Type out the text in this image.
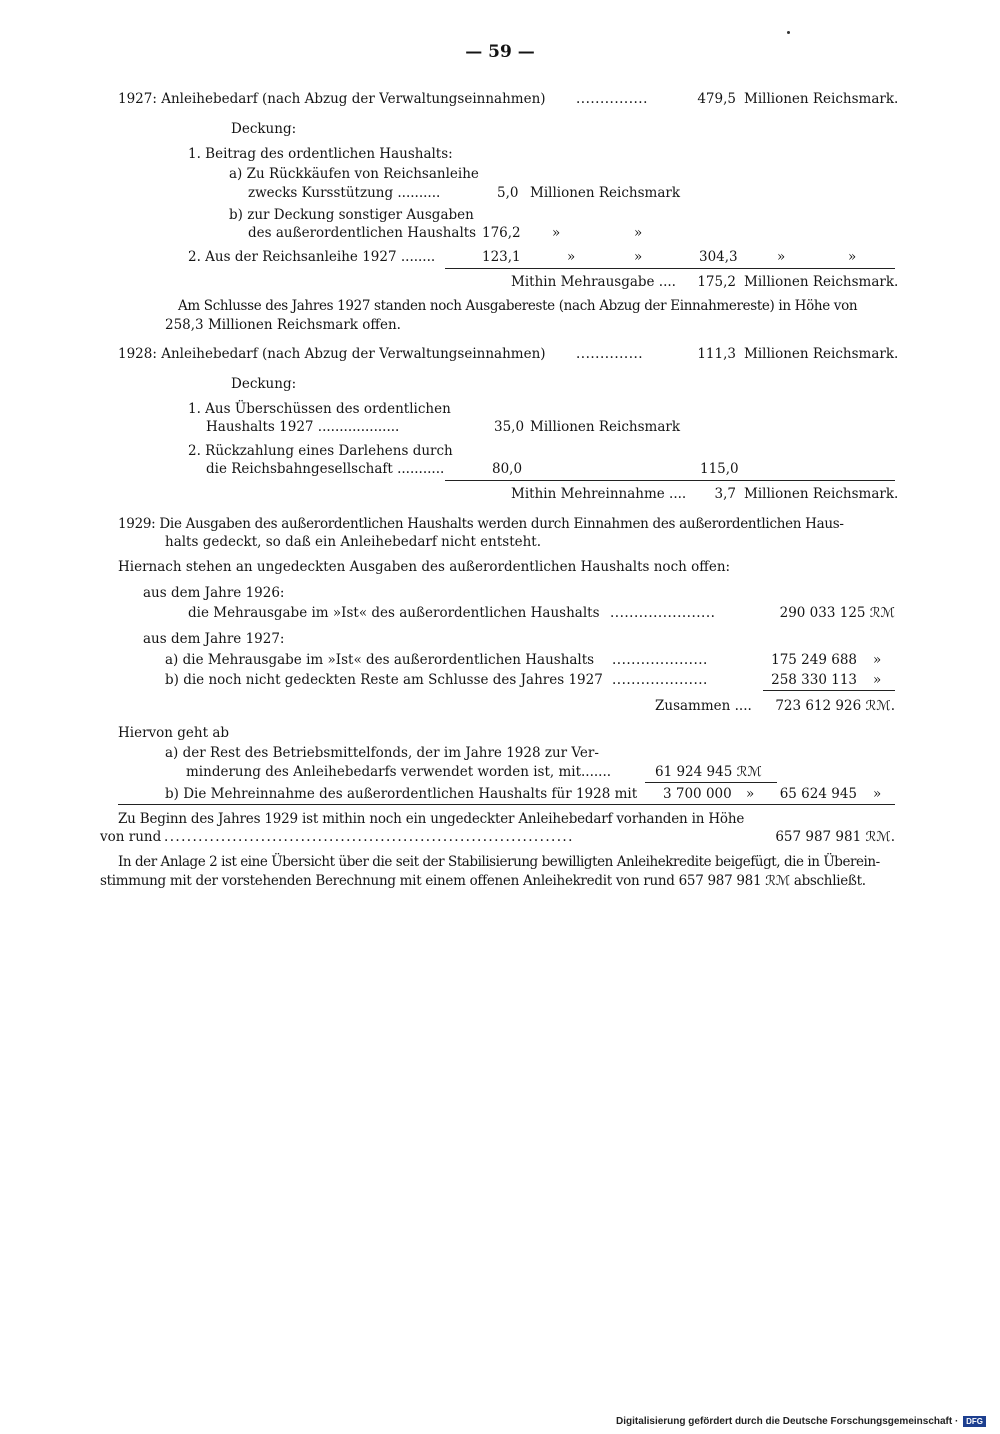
— 59 —
1927: Anleihebedarf (nach Abzug der Verwaltungseinnahmen) ...............	479,5 Millionen Reichsmark.
Deckung:
1. Beitrag des ordentlichen Haushalts:
a) Zu Rückkäufen von Reichsanleihe
zwecks Kursstützung ..........	5,0 Millionen Reichsmark
b) zur Deckung sonstiger Ausgaben
des außerordentlichen Haushalts 176,2 »	»
2. Aus der Reichsanleihe 1927 ........	123,1	»	»	304,3	»	»
Mithin Mehrausgabe ....	175,2 Millionen Reichsmark.
Am Schlusse des Jahres 1927 standen noch Ausgabereste (nach Abzug der Einnahmereste) in Höhe von
258,3 Millionen Reichsmark offen.
1928: Anleihebedarf (nach Abzug der Verwaltungseinnahmen) ..............	111,3 Millionen Reichsmark.
Deckung:
1. Aus Überschüssen des ordentlichen
Haushalts 1927 ...................	35,0 Millionen Reichsmark
2. Rückzahlung eines Darlehens durch
die Reichsbahngesellschaft ...........	80,0	115,0
Mithin Mehreinnahme ....	3,7 Millionen Reichsmark.
1929: Die Ausgaben des außerordentlichen Haushalts werden durch Einnahmen des außerordentlichen Haus-
halts gedeckt, so daß ein Anleihebedarf nicht entsteht.
Hiernach stehen an ungedeckten Ausgaben des außerordentlichen Haushalts noch offen:
aus dem Jahre 1926:
die Mehrausgabe im »Ist« des außerordentlichen Haushalts ......................	290 033 125 ℛℳ
aus dem Jahre 1927:
a) die Mehrausgabe im »Ist« des außerordentlichen Haushalts ....................	175 249 688 »
b) die noch nicht gedeckten Reste am Schlusse des Jahres 1927 ....................	258 330 113 »
Zusammen ....	723 612 926 ℛℳ.
Hiervon geht ab
a) der Rest des Betriebsmittelfonds, der im Jahre 1928 zur Ver-
minderung des Anleihebedarfs verwendet worden ist, mit.......	61 924 945 ℛℳ
b) Die Mehreinnahme des außerordentlichen Haushalts für 1928 mit 3 700 000 »	65 624 945 »
Zu Beginn des Jahres 1929 ist mithin noch ein ungedeckter Anleihebedarf vorhanden in Höhe
von rund ........................................................................	657 987 981 ℛℳ.
In der Anlage 2 ist eine Übersicht über die seit der Stabilisierung bewilligten Anleihekredite beigefügt, die in Überein-
stimmung mit der vorstehenden Berechnung mit einem offenen Anleihekredit von rund 657 987 981 ℛℳ abschließt.
Digitalisierung gefördert durch die Deutsche Forschungsgemeinschaft · DFG
